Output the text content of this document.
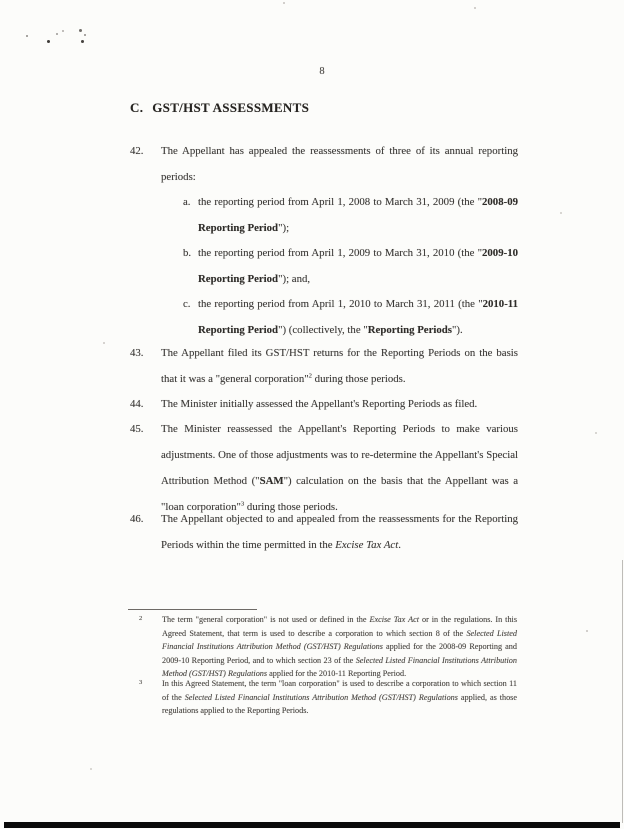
8
C. GST/HST ASSESSMENTS
42.	The Appellant has appealed the reassessments of three of its annual reporting periods:
a. the reporting period from April 1, 2008 to March 31, 2009 (the "2008-09 Reporting Period");
b. the reporting period from April 1, 2009 to March 31, 2010 (the "2009-10 Reporting Period"); and,
c. the reporting period from April 1, 2010 to March 31, 2011 (the "2010-11 Reporting Period") (collectively, the "Reporting Periods").
43.	The Appellant filed its GST/HST returns for the Reporting Periods on the basis that it was a "general corporation"$^2$ during those periods.
44.	The Minister initially assessed the Appellant's Reporting Periods as filed.
45.	The Minister reassessed the Appellant's Reporting Periods to make various adjustments. One of those adjustments was to re-determine the Appellant's Special Attribution Method ("SAM") calculation on the basis that the Appellant was a "loan corporation"$^3$ during those periods.
46.	The Appellant objected to and appealed from the reassessments for the Reporting Periods within the time permitted in the Excise Tax Act.
2	The term "general corporation" is not used or defined in the Excise Tax Act or in the regulations. In this Agreed Statement, that term is used to describe a corporation to which section 8 of the Selected Listed Financial Institutions Attribution Method (GST/HST) Regulations applied for the 2008-09 Reporting and 2009-10 Reporting Period, and to which section 23 of the Selected Listed Financial Institutions Attribution Method (GST/HST) Regulations applied for the 2010-11 Reporting Period.
3	In this Agreed Statement, the term "loan corporation" is used to describe a corporation to which section 11 of the Selected Listed Financial Institutions Attribution Method (GST/HST) Regulations applied, as those regulations applied to the Reporting Periods.
